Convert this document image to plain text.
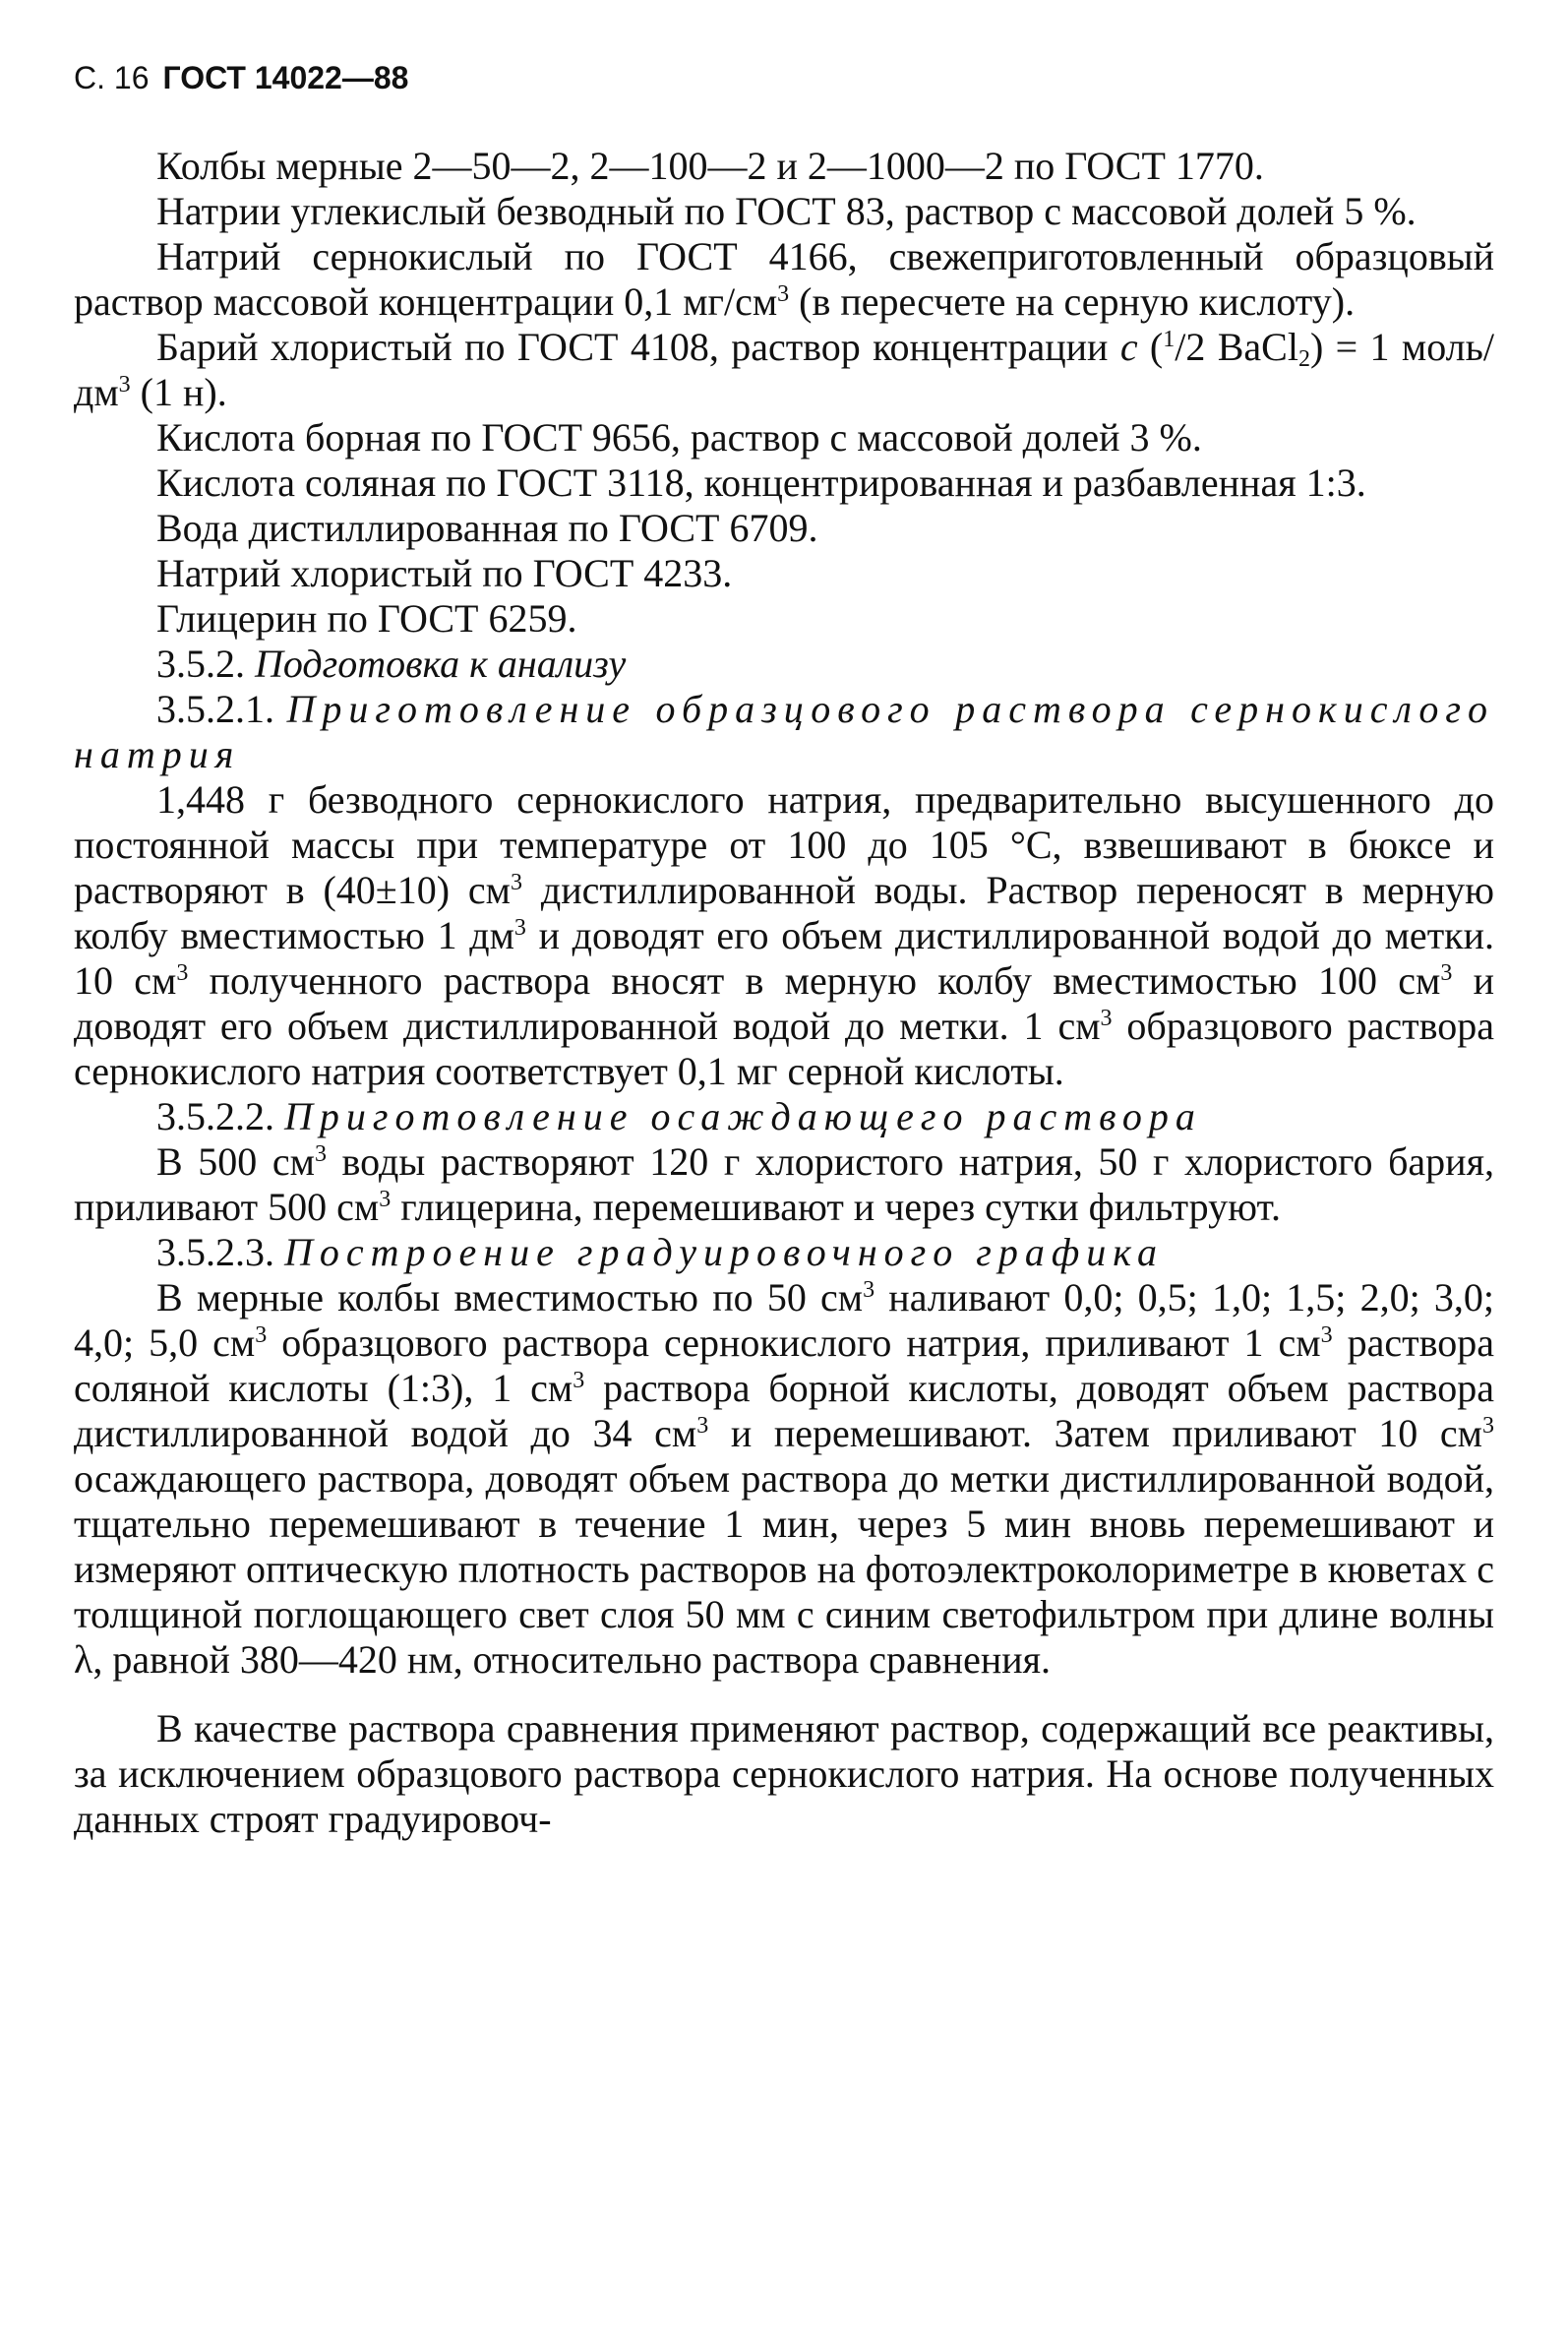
С. 16 ГОСТ 14022—88

Колбы мерные 2—50—2, 2—100—2 и 2—1000—2 по ГОСТ 1770.

Натрии углекислый безводный по ГОСТ 83, раствор с массовой долей 5 %.

Натрий сернокислый по ГОСТ 4166, свежеприготовленный образцовый раствор массовой концентрации 0,1 $мг/см^3$ (в пересчете на серную кислоту).

Барий хлористый по ГОСТ 4108, раствор концентрации с ($^1$/2 BaCl$_2$) = 1 моль/$дм^3$ (1 н).

Кислота борная по ГОСТ 9656, раствор с массовой долей 3 %.

Кислота соляная по ГОСТ 3118, концентрированная и разбавленная 1:3.

Вода дистиллированная по ГОСТ 6709.

Натрий хлористый по ГОСТ 4233.

Глицерин по ГОСТ 6259.

3.5.2. Подготовка к анализу

3.5.2.1. Приготовление образцового раствора сернокислого натрия

1,448 г безводного сернокислого натрия, предварительно высушенного до постоянной массы при температуре от 100 до 105 °С, взвешивают в бюксе и растворяют в (40±10) $см^3$ дистиллированной воды. Раствор переносят в мерную колбу вместимостью 1 $дм^3$ и доводят его объем дистиллированной водой до метки. 10 $см^3$ полученного раствора вносят в мерную колбу вместимостью 100 $см^3$ и доводят его объем дистиллированной водой до метки. 1 $см^3$ образцового раствора сернокислого натрия соответствует 0,1 мг серной кислоты.

3.5.2.2. Приготовление осаждающего раствора

В 500 $см^3$ воды растворяют 120 г хлористого натрия, 50 г хлористого бария, приливают 500 $см^3$ глицерина, перемешивают и через сутки фильтруют.

3.5.2.3. Построение градуировочного графика

В мерные колбы вместимостью по 50 $см^3$ наливают 0,0; 0,5; 1,0; 1,5; 2,0; 3,0; 4,0; 5,0 $см^3$ образцового раствора сернокислого натрия, приливают 1 $см^3$ раствора соляной кислоты (1:3), 1 $см^3$ раствора борной кислоты, доводят объем раствора дистиллированной водой до 34 $см^3$ и перемешивают. Затем приливают 10 $см^3$ осаждающего раствора, доводят объем раствора до метки дистиллированной водой, тщательно перемешивают в течение 1 мин, через 5 мин вновь перемешивают и измеряют оптическую плотность растворов на фотоэлектроколориметре в кюветах с толщиной поглощающего свет слоя 50 мм с синим светофильтром при длине волны λ, равной 380—420 нм, относительно раствора сравнения.

В качестве раствора сравнения применяют раствор, содержащий все реактивы, за исключением образцового раствора сернокислого натрия. На основе полученных данных строят градуировоч-
